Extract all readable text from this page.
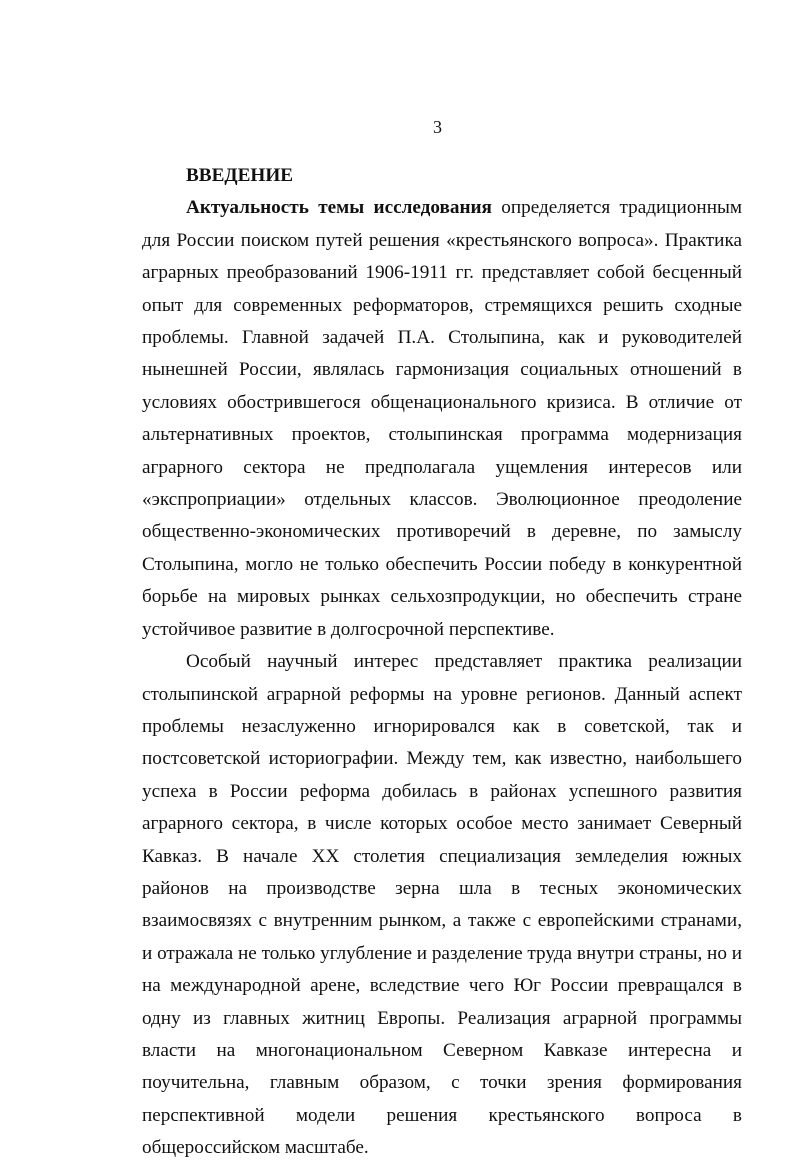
3

ВВЕДЕНИЕ

Актуальность темы исследования определяется традиционным для России поиском путей решения «крестьянского вопроса». Практика аграрных преобразований 1906-1911 гг. представляет собой бесценный опыт для современных реформаторов, стремящихся решить сходные проблемы. Главной задачей П.А. Столыпина, как и руководителей нынешней России, являлась гармонизация социальных отношений в условиях обострившегося общенационального кризиса. В отличие от альтернативных проектов, столыпинская программа модернизация аграрного сектора не предполагала ущемления интересов или «экспроприации» отдельных классов. Эволюционное преодоление общественно-экономических противоречий в деревне, по замыслу Столыпина, могло не только обеспечить России победу в конкурентной борьбе на мировых рынках сельхозпродукции, но обеспечить стране устойчивое развитие в долгосрочной перспективе.

Особый научный интерес представляет практика реализации столыпинской аграрной реформы на уровне регионов. Данный аспект проблемы незаслуженно игнорировался как в советской, так и постсоветской историографии. Между тем, как известно, наибольшего успеха в России реформа добилась в районах успешного развития аграрного сектора, в числе которых особое место занимает Северный Кавказ. В начале XX столетия специализация земледелия южных районов на производстве зерна шла в тесных экономических взаимосвязях с внутренним рынком, а также с европейскими странами, и отражала не только углубление и разделение труда внутри страны, но и на международной арене, вследствие чего Юг России превращался в одну из главных житниц Европы. Реализация аграрной программы власти на многонациональном Северном Кавказе интересна и поучительна, главным образом, с точки зрения формирования перспективной модели решения крестьянского вопроса в общероссийском масштабе.
